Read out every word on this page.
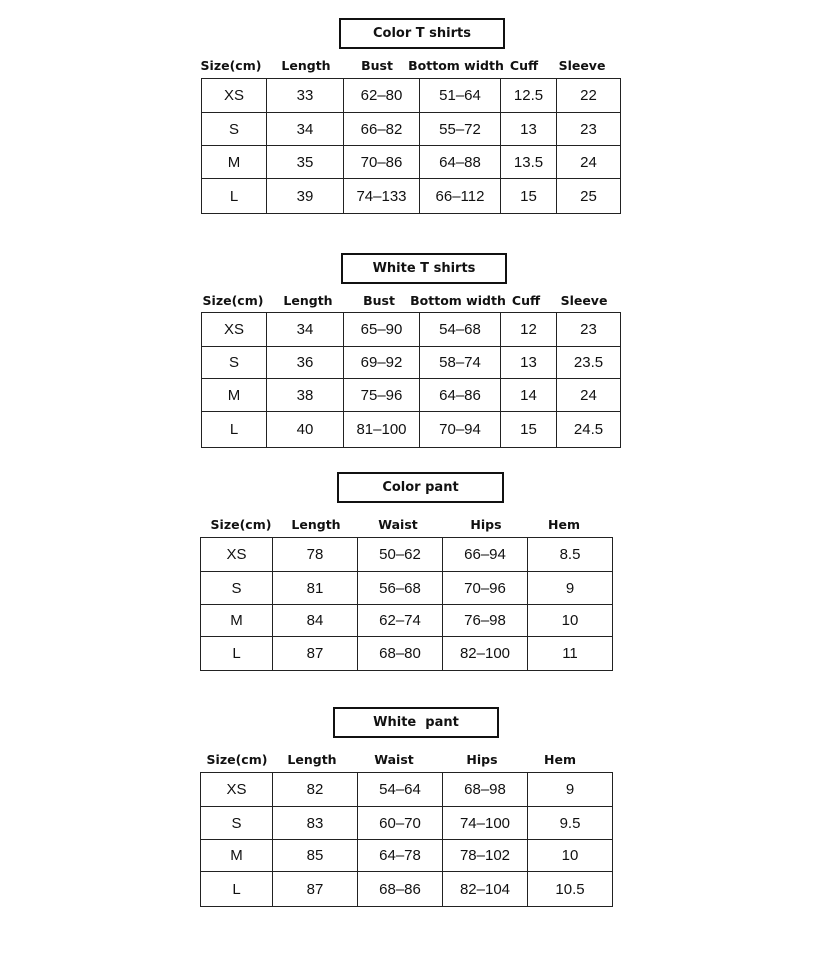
Color T shirts
Size(cm) Length Bust Bottom width Cuff Sleeve
XS	33	62–80	51–64	12.5	22
S	34	66–82	55–72	13	23
M	35	70–86	64–88	13.5	24
L	39	74–133	66–112	15	25
White T shirts
Size(cm) Length Bust Bottom width Cuff Sleeve
XS	34	65–90	54–68	12	23
S	36	69–92	58–74	13	23.5
M	38	75–96	64–86	14	24
L	40	81–100	70–94	15	24.5
Color pant
Size(cm) Length	Waist	Hips	Hem
XS	78	50–62	66–94	8.5
S	81	56–68	70–96	9
M	84	62–74	76–98	10
L	87	68–80	82–100	11
White  pant
Size(cm) Length	Waist	Hips	Hem
XS	82	54–64	68–98	9
S	83	60–70	74–100	9.5
M	85	64–78	78–102	10
L	87	68–86	82–104	10.5
